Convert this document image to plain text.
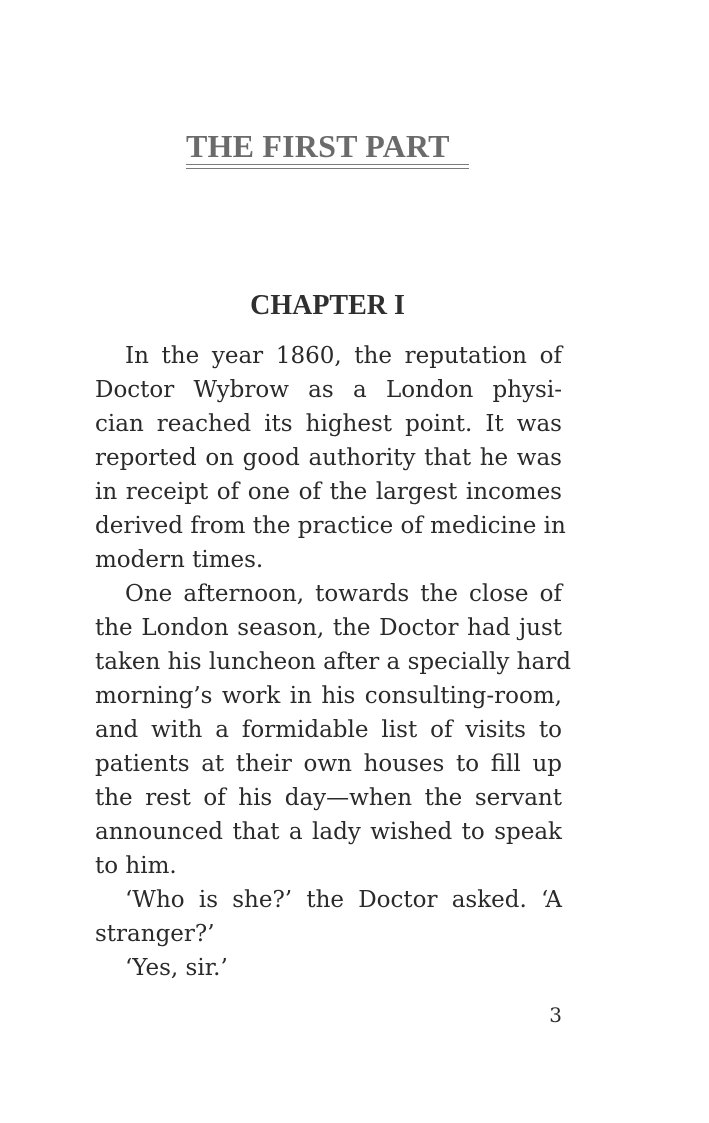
THE FIRST PART
CHAPTER I
In the year 1860, the reputation of
Doctor Wybrow as a London physi-
cian reached its highest point. It was
reported on good authority that he was
in receipt of one of the largest incomes
derived from the practice of medicine in
modern times.
One afternoon, towards the close of
the London season, the Doctor had just
taken his luncheon after a specially hard
morning’s work in his consulting-room,
and with a formidable list of visits to
patients at their own houses to fill up
the rest of his day—when the servant
announced that a lady wished to speak
to him.
‘Who is she?’ the Doctor asked. ‘A
stranger?’
‘Yes, sir.’
3
